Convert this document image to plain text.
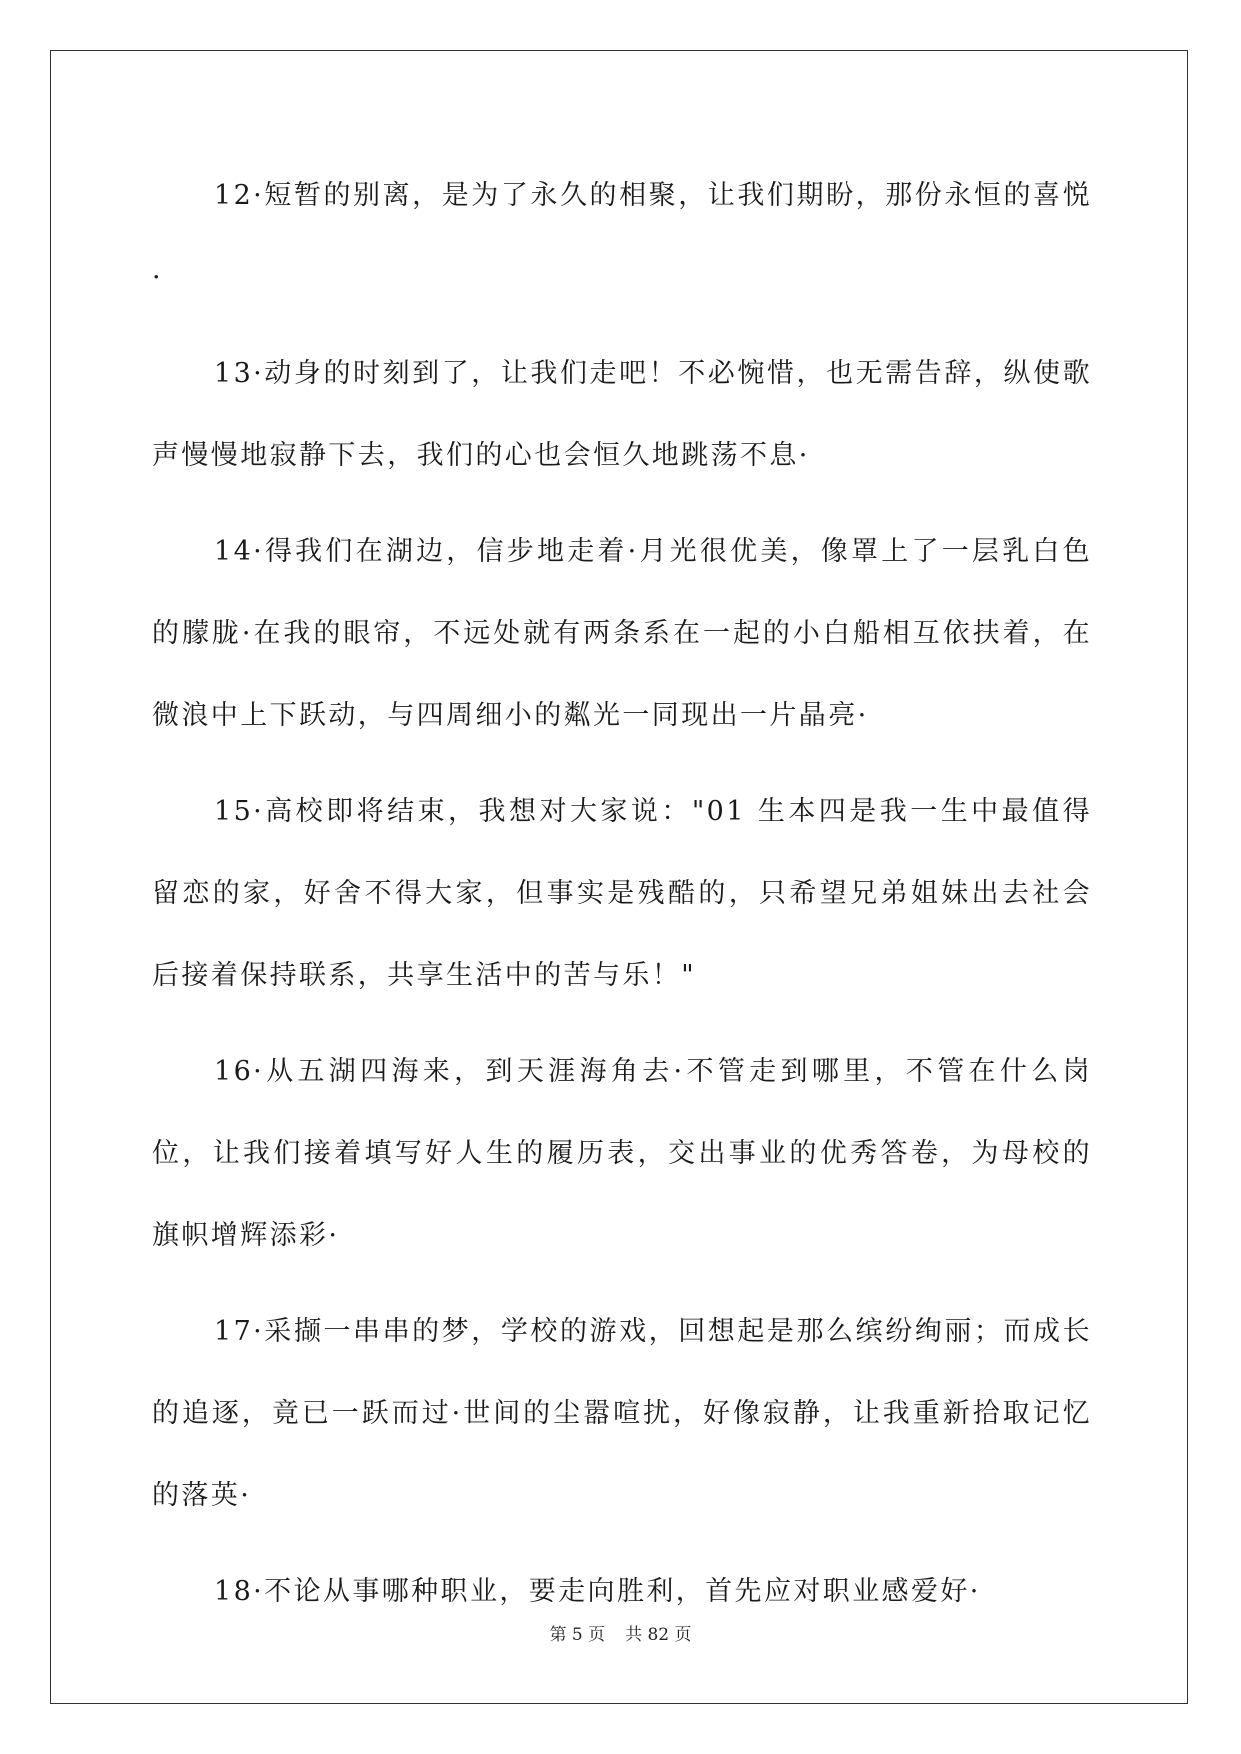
12·短暂的别离，是为了永久的相聚，让我们期盼，那份永恒的喜悦·

13·动身的时刻到了，让我们走吧！不必惋惜，也无需告辞，纵使歌声慢慢地寂静下去，我们的心也会恒久地跳荡不息·

14·得我们在湖边，信步地走着·月光很优美，像罩上了一层乳白色的朦胧·在我的眼帘，不远处就有两条系在一起的小白船相互依扶着，在微浪中上下跃动，与四周细小的粼光一同现出一片晶亮·

15·高校即将结束，我想对大家说："01 生本四是我一生中最值得留恋的家，好舍不得大家，但事实是残酷的，只希望兄弟姐妹出去社会后接着保持联系，共享生活中的苦与乐！"

16·从五湖四海来，到天涯海角去·不管走到哪里，不管在什么岗位，让我们接着填写好人生的履历表，交出事业的优秀答卷，为母校的旗帜增辉添彩·

17·采撷一串串的梦，学校的游戏，回想起是那么缤纷绚丽；而成长的追逐，竟已一跃而过·世间的尘嚣喧扰，好像寂静，让我重新拾取记忆的落英·

18·不论从事哪种职业，要走向胜利，首先应对职业感爱好·

第 5 页 共 82 页
